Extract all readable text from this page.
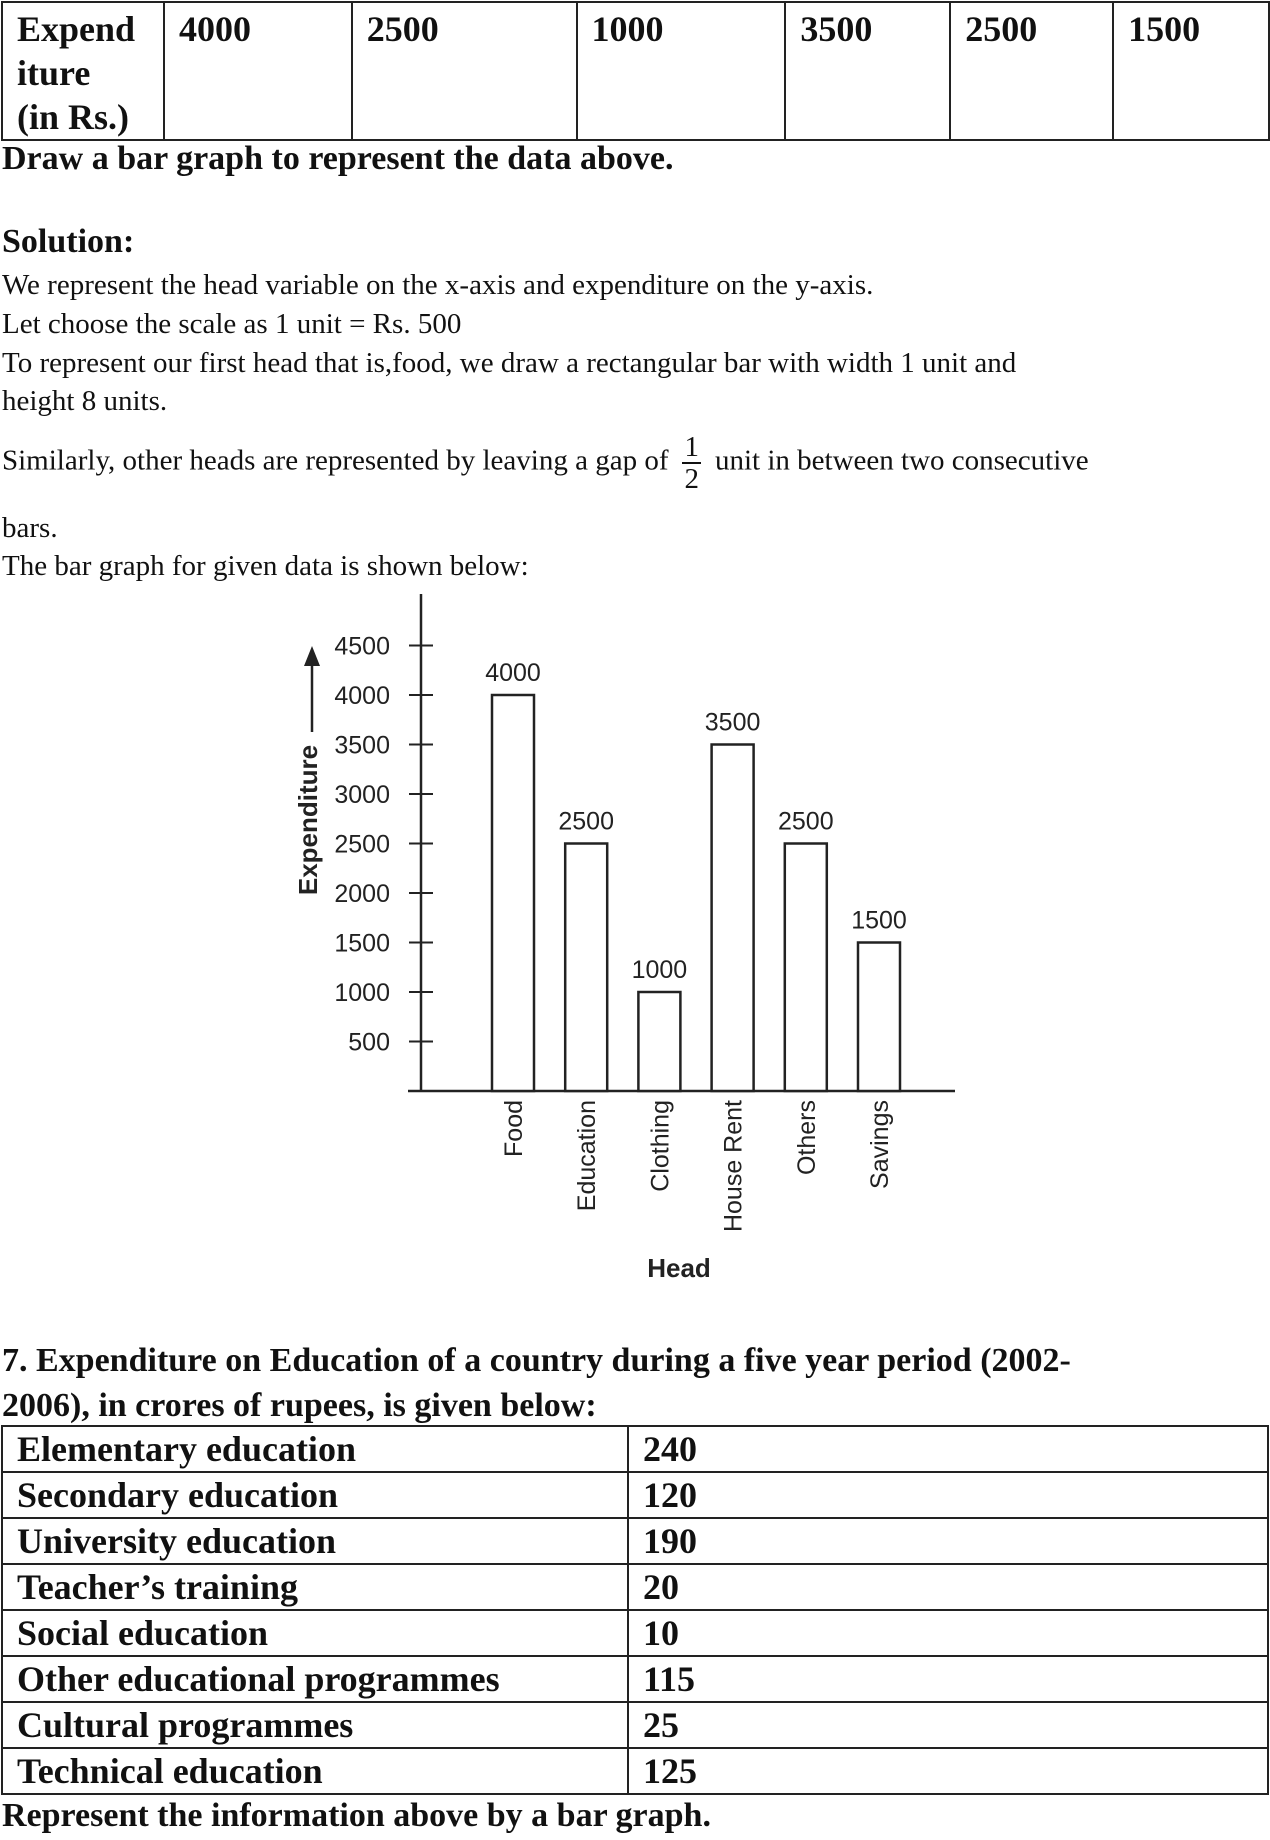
Expend
iture
(in Rs.)
	4000	2500	1000	3500	2500	1500
Draw a bar graph to represent the data above.
Solution:
We represent the head variable on the x-axis and expenditure on the y-axis.
Let choose the scale as 1 unit = Rs. 500
To represent our first head that is,food, we draw a rectangular bar with width 1 unit and
height 8 units.
Similarly, other heads are represented by leaving a gap of $\frac{1}{2}$ unit in between two consecutive
bars.
The bar graph for given data is shown below:
500
1000
1500
2000
2500
3000
3500
4000
4500
Expenditure
4000
Food
2500
Education
1000
Clothing
3500
House Rent
2500
Others
1500
Savings
Head
7. Expenditure on Education of a country during a five year period (2002-
2006), in crores of rupees, is given below:
Elementary education	240
Secondary education	120
University education	190
Teacher’s training	20
Social education	10
Other educational programmes	115
Cultural programmes	25
Technical education	125
Represent the information above by a bar graph.
